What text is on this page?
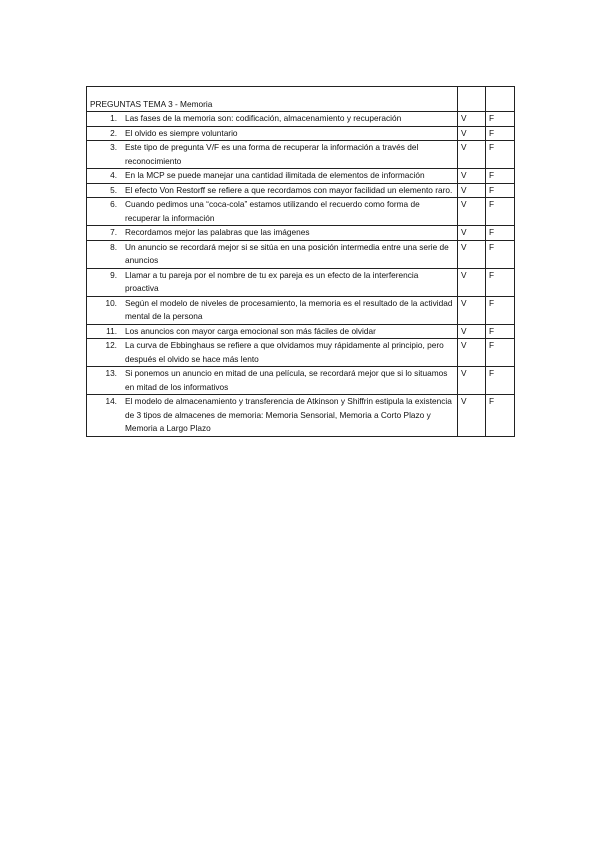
PREGUNTAS TEMA 3 - Memoria		

1. Las fases de la memoria son: codificación, almacenamiento y recuperación	V	F

2. El olvido es siempre voluntario	V	F

3. Este tipo de pregunta V/F es una forma de recuperar la información a través del reconocimiento	V	F

4. En la MCP se puede manejar una cantidad ilimitada de elementos de información	V	F

5. El efecto Von Restorff se refiere a que recordamos con mayor facilidad un elemento raro.	V	F

6. Cuando pedimos una “coca-cola” estamos utilizando el recuerdo como forma de recuperar la información	V	F

7. Recordamos mejor las palabras que las imágenes	V	F

8. Un anuncio se recordará mejor si se sitúa en una posición intermedia entre una serie de anuncios	V	F

9. Llamar a tu pareja por el nombre de tu ex pareja es un efecto de la interferencia proactiva	V	F

10. Según el modelo de niveles de procesamiento, la memoria es el resultado de la actividad mental de la persona	V	F

11. Los anuncios con mayor carga emocional son más fáciles de olvidar	V	F

12. La curva de Ebbinghaus se refiere a que olvidamos muy rápidamente al principio, pero después el olvido se hace más lento	V	F

13. Si ponemos un anuncio en mitad de una película, se recordará mejor que si lo situamos en mitad de los informativos	V	F

14. El modelo de almacenamiento y transferencia de Atkinson y Shiffrin estipula la existencia de 3 tipos de almacenes de memoria: Memoria Sensorial, Memoria a Corto Plazo y Memoria a Largo Plazo	V	F
